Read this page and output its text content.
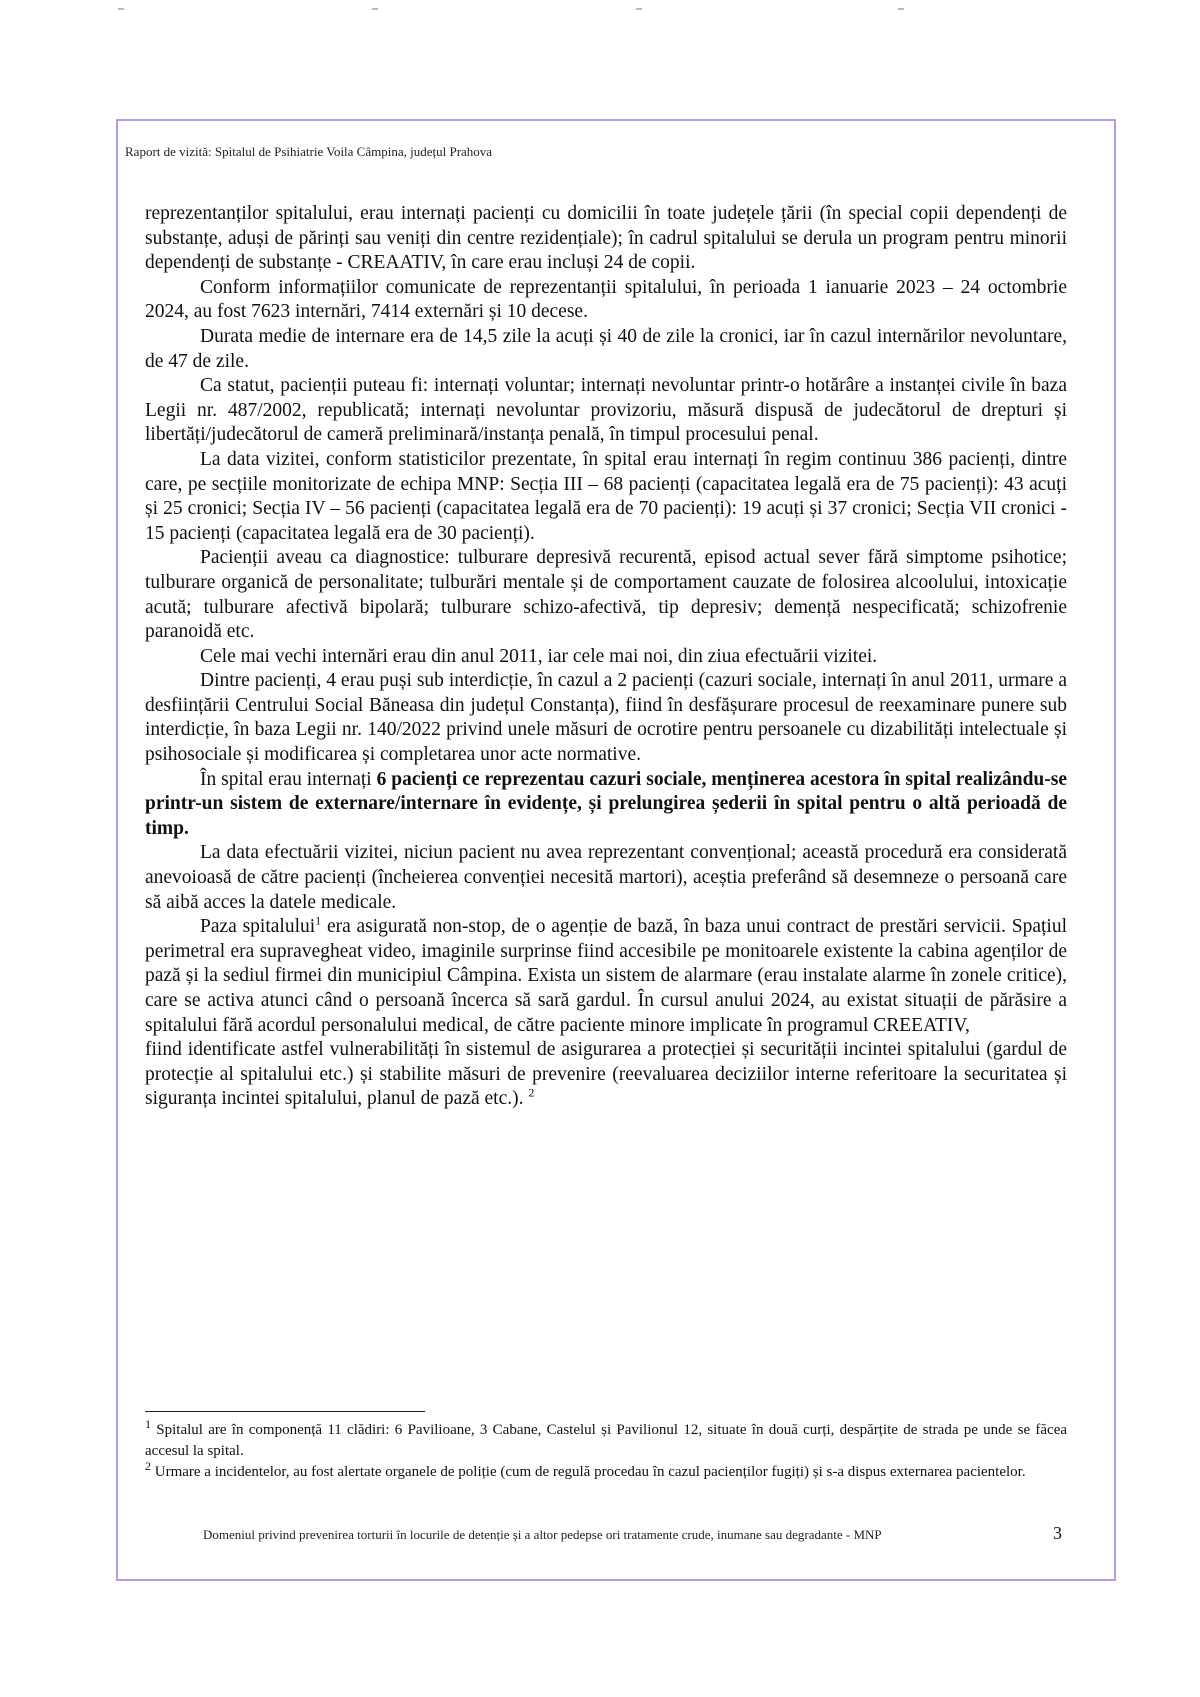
Raport de vizită: Spitalul de Psihiatrie Voila Câmpina, județul Prahova

reprezentanților spitalului, erau internați pacienți cu domicilii în toate județele țării (în special copii dependenți de substanțe, aduși de părinți sau veniți din centre rezidențiale); în cadrul spitalului se derula un program pentru minorii dependenți de substanțe - CREAATIV, în care erau incluși 24 de copii.

Conform informațiilor comunicate de reprezentanții spitalului, în perioada 1 ianuarie 2023 – 24 octombrie 2024, au fost 7623 internări, 7414 externări și 10 decese.

Durata medie de internare era de 14,5 zile la acuți și 40 de zile la cronici, iar în cazul internărilor nevoluntare, de 47 de zile.

Ca statut, pacienții puteau fi: internați voluntar; internați nevoluntar printr-o hotărâre a instanței civile în baza Legii nr. 487/2002, republicată; internați nevoluntar provizoriu, măsură dispusă de judecătorul de drepturi și libertăți/judecătorul de cameră preliminară/instanța penală, în timpul procesului penal.

La data vizitei, conform statisticilor prezentate, în spital erau internați în regim continuu 386 pacienți, dintre care, pe secțiile monitorizate de echipa MNP: Secția III – 68 pacienți (capacitatea legală era de 75 pacienți): 43 acuți și 25 cronici; Secția IV – 56 pacienți (capacitatea legală era de 70 pacienți): 19 acuți și 37 cronici; Secția VII cronici - 15 pacienți (capacitatea legală era de 30 pacienți).

Pacienții aveau ca diagnostice: tulburare depresivă recurentă, episod actual sever fără simptome psihotice; tulburare organică de personalitate; tulburări mentale și de comportament cauzate de folosirea alcoolului, intoxicație acută; tulburare afectivă bipolară; tulburare schizo-afectivă, tip depresiv; demență nespecificată; schizofrenie paranoidă etc.

Cele mai vechi internări erau din anul 2011, iar cele mai noi, din ziua efectuării vizitei.

Dintre pacienți, 4 erau puși sub interdicție, în cazul a 2 pacienți (cazuri sociale, internați în anul 2011, urmare a desființării Centrului Social Băneasa din județul Constanța), fiind în desfășurare procesul de reexaminare punere sub interdicție, în baza Legii nr. 140/2022 privind unele măsuri de ocrotire pentru persoanele cu dizabilități intelectuale și psihosociale și modificarea și completarea unor acte normative.

În spital erau internați 6 pacienți ce reprezentau cazuri sociale, menținerea acestora în spital realizându-se printr-un sistem de externare/internare în evidențe, și prelungirea șederii în spital pentru o altă perioadă de timp.

La data efectuării vizitei, niciun pacient nu avea reprezentant convențional; această procedură era considerată anevoioasă de către pacienți (încheierea convenției necesită martori), aceștia preferând să desemneze o persoană care să aibă acces la datele medicale.

Paza spitalului$^1$ era asigurată non-stop, de o agenție de bază, în baza unui contract de prestări servicii. Spațiul perimetral era supravegheat video, imaginile surprinse fiind accesibile pe monitoarele existente la cabina agenților de pază și la sediul firmei din municipiul Câmpina. Exista un sistem de alarmare (erau instalate alarme în zonele critice), care se activa atunci când o persoană încerca să sară gardul. În cursul anului 2024, au existat situații de părăsire a spitalului fără acordul personalului medical, de către paciente minore implicate în programul CREEATIV,

fiind identificate astfel vulnerabilități în sistemul de asigurarea a protecției și securității incintei spitalului (gardul de protecție al spitalului etc.) și stabilite măsuri de prevenire (reevaluarea deciziilor interne referitoare la securitatea și siguranța incintei spitalului, planul de pază etc.). $^2$

$^1$ Spitalul are în componență 11 clădiri: 6 Pavilioane, 3 Cabane, Castelul și Pavilionul 12, situate în două curți, despărțite de strada pe unde se făcea accesul la spital.

$^2$ Urmare a incidentelor, au fost alertate organele de poliție (cum de regulă procedau în cazul pacienților fugiți) și s-a dispus externarea pacientelor.

Domeniul privind prevenirea torturii în locurile de detenție și a altor pedepse ori tratamente crude, inumane sau degradante - MNP	3
